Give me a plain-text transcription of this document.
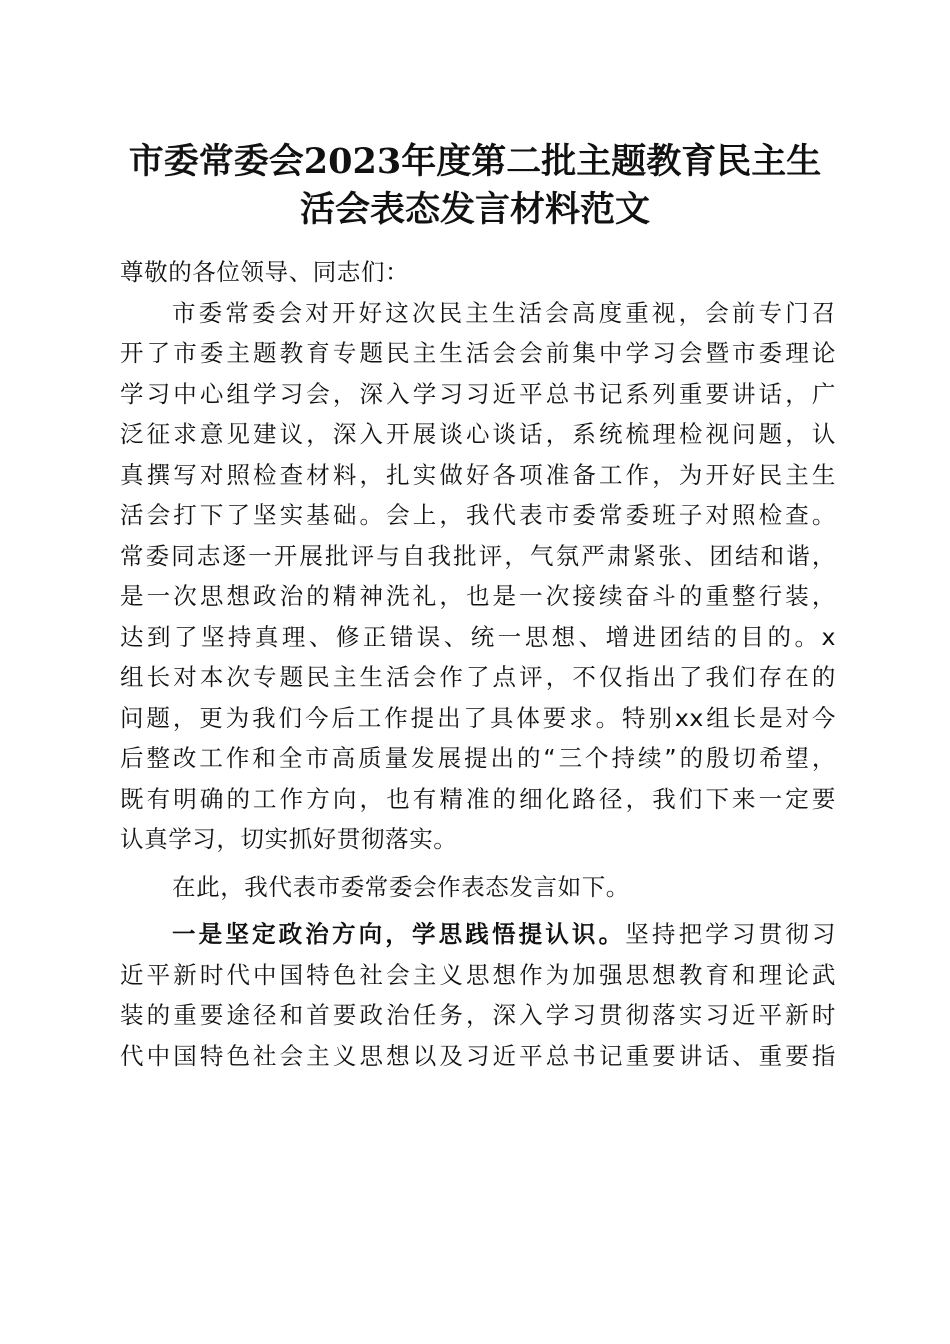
市委常委会2023年度第二批主题教育民主生
活会表态发言材料范文

尊敬的各位领导、同志们：

市委常委会对开好这次民主生活会高度重视，会前专门召
开了市委主题教育专题民主生活会会前集中学习会暨市委理论
学习中心组学习会，深入学习习近平总书记系列重要讲话，广
泛征求意见建议，深入开展谈心谈话，系统梳理检视问题，认
真撰写对照检查材料，扎实做好各项准备工作，为开好民主生
活会打下了坚实基础。会上，我代表市委常委班子对照检查。
常委同志逐一开展批评与自我批评，气氛严肃紧张、团结和谐，
是一次思想政治的精神洗礼，也是一次接续奋斗的重整行装，
达到了坚持真理、修正错误、统一思想、增进团结的目的。x
组长对本次专题民主生活会作了点评，不仅指出了我们存在的
问题，更为我们今后工作提出了具体要求。特别xx组长是对今
后整改工作和全市高质量发展提出的“三个持续”的殷切希望，
既有明确的工作方向，也有精准的细化路径，我们下来一定要
认真学习，切实抓好贯彻落实。

在此，我代表市委常委会作表态发言如下。

一是坚定政治方向，学思践悟提认识。坚持把学习贯彻习
近平新时代中国特色社会主义思想作为加强思想教育和理论武
装的重要途径和首要政治任务，深入学习贯彻落实习近平新时
代中国特色社会主义思想以及习近平总书记重要讲话、重要指
